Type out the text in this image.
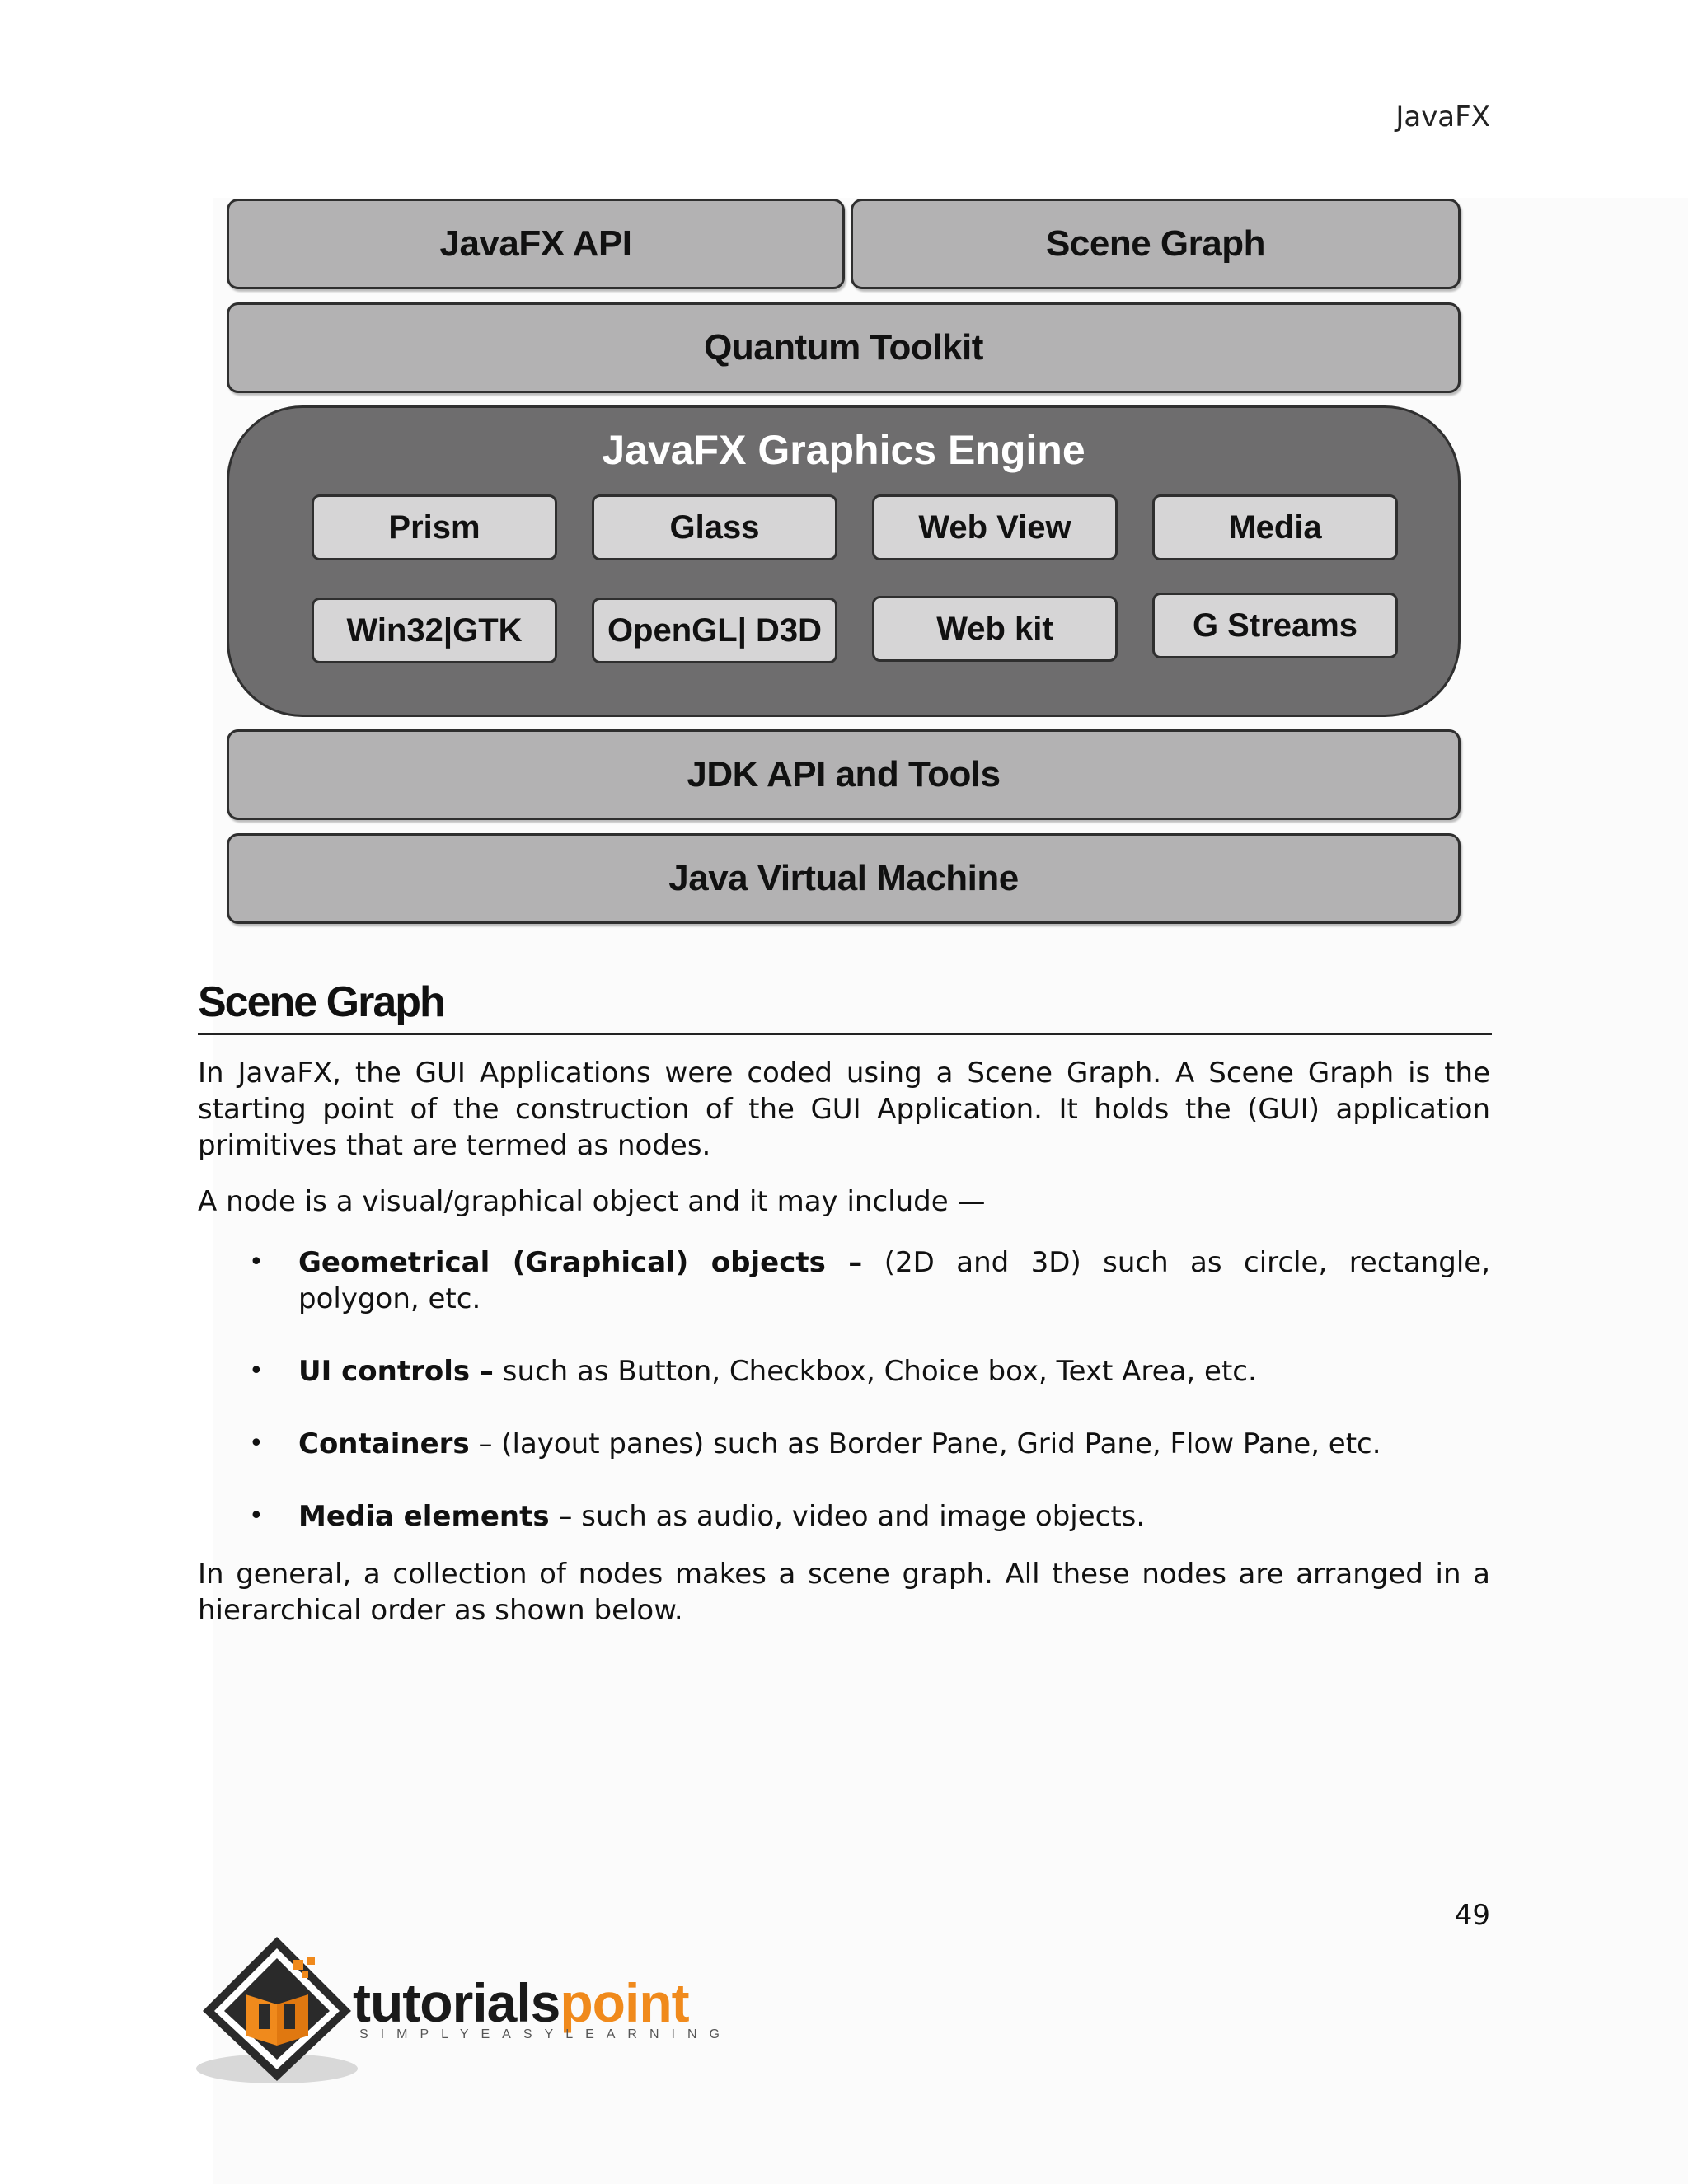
JavaFX
JavaFX API	Scene Graph
Quantum Toolkit
JavaFX Graphics Engine
Prism	Glass	Web View	Media
Win32|GTK	OpenGL| D3D	Web kit	G Streams
JDK API and Tools
Java Virtual Machine
Scene Graph
In JavaFX, the GUI Applications were coded using a Scene Graph. A Scene Graph is the starting point of the construction of the GUI Application. It holds the (GUI) application primitives that are termed as nodes.
A node is a visual/graphical object and it may include —
• Geometrical (Graphical) objects – (2D and 3D) such as circle, rectangle, polygon, etc.
• UI controls – such as Button, Checkbox, Choice box, Text Area, etc.
• Containers – (layout panes) such as Border Pane, Grid Pane, Flow Pane, etc.
• Media elements – such as audio, video and image objects.
In general, a collection of nodes makes a scene graph. All these nodes are arranged in a hierarchical order as shown below.
49
tutorialspoint
SIMPLYEASYLEARNING
